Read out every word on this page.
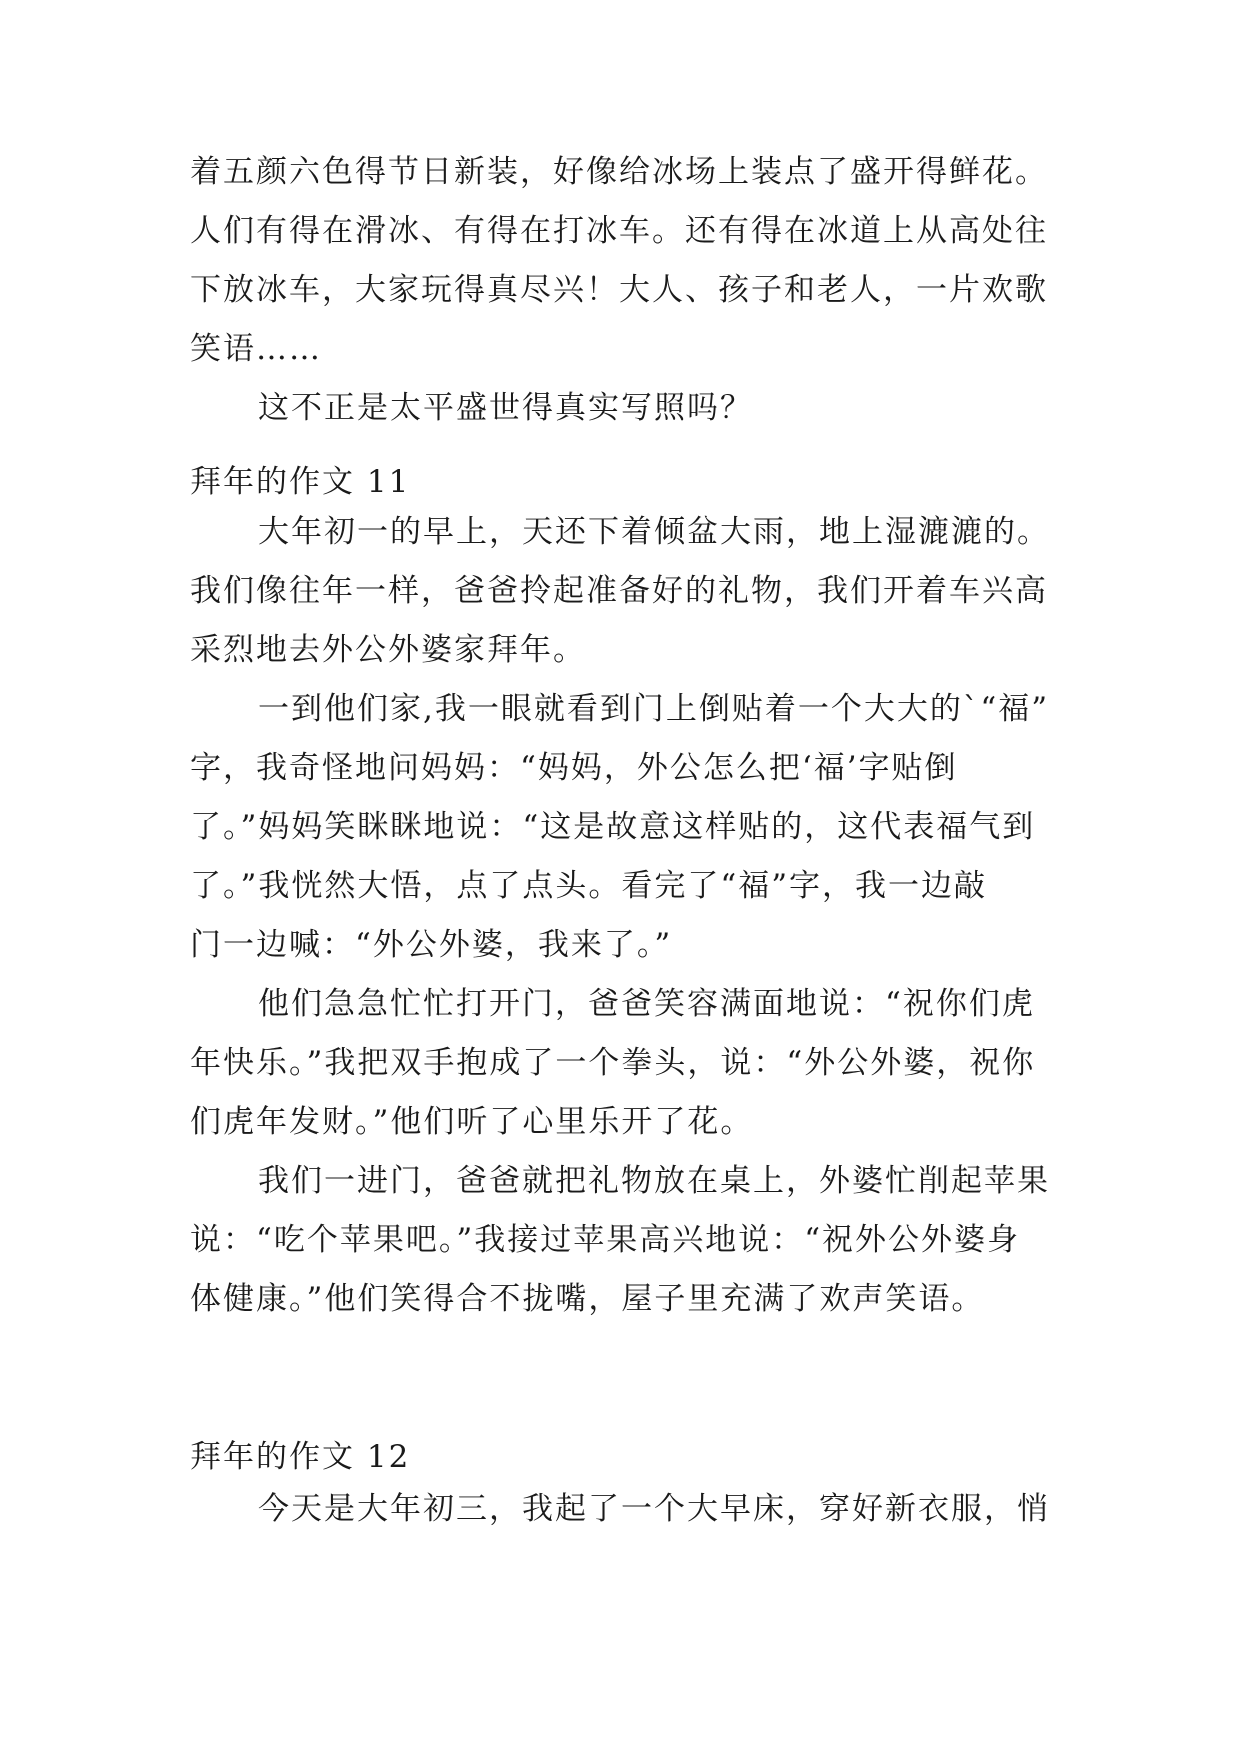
着五颜六色得节日新装，好像给冰场上装点了盛开得鲜花。
人们有得在滑冰、有得在打冰车。还有得在冰道上从高处往
下放冰车，大家玩得真尽兴！大人、孩子和老人，一片欢歌
笑语……
这不正是太平盛世得真实写照吗？
拜年的作文 11
大年初一的早上，天还下着倾盆大雨，地上湿漉漉的。
我们像往年一样，爸爸拎起准备好的礼物，我们开着车兴高
采烈地去外公外婆家拜年。
一到他们家,我一眼就看到门上倒贴着一个大大的`“福”
字，我奇怪地问妈妈：“妈妈，外公怎么把‘福’字贴倒
了。”妈妈笑眯眯地说：“这是故意这样贴的，这代表福气到
了。”我恍然大悟，点了点头。看完了“福”字，我一边敲
门一边喊：“外公外婆，我来了。”
他们急急忙忙打开门，爸爸笑容满面地说：“祝你们虎
年快乐。”我把双手抱成了一个拳头，说：“外公外婆，祝你
们虎年发财。”他们听了心里乐开了花。
我们一进门，爸爸就把礼物放在桌上，外婆忙削起苹果
说：“吃个苹果吧。”我接过苹果高兴地说：“祝外公外婆身
体健康。”他们笑得合不拢嘴，屋子里充满了欢声笑语。
拜年的作文 12
今天是大年初三，我起了一个大早床，穿好新衣服，悄
